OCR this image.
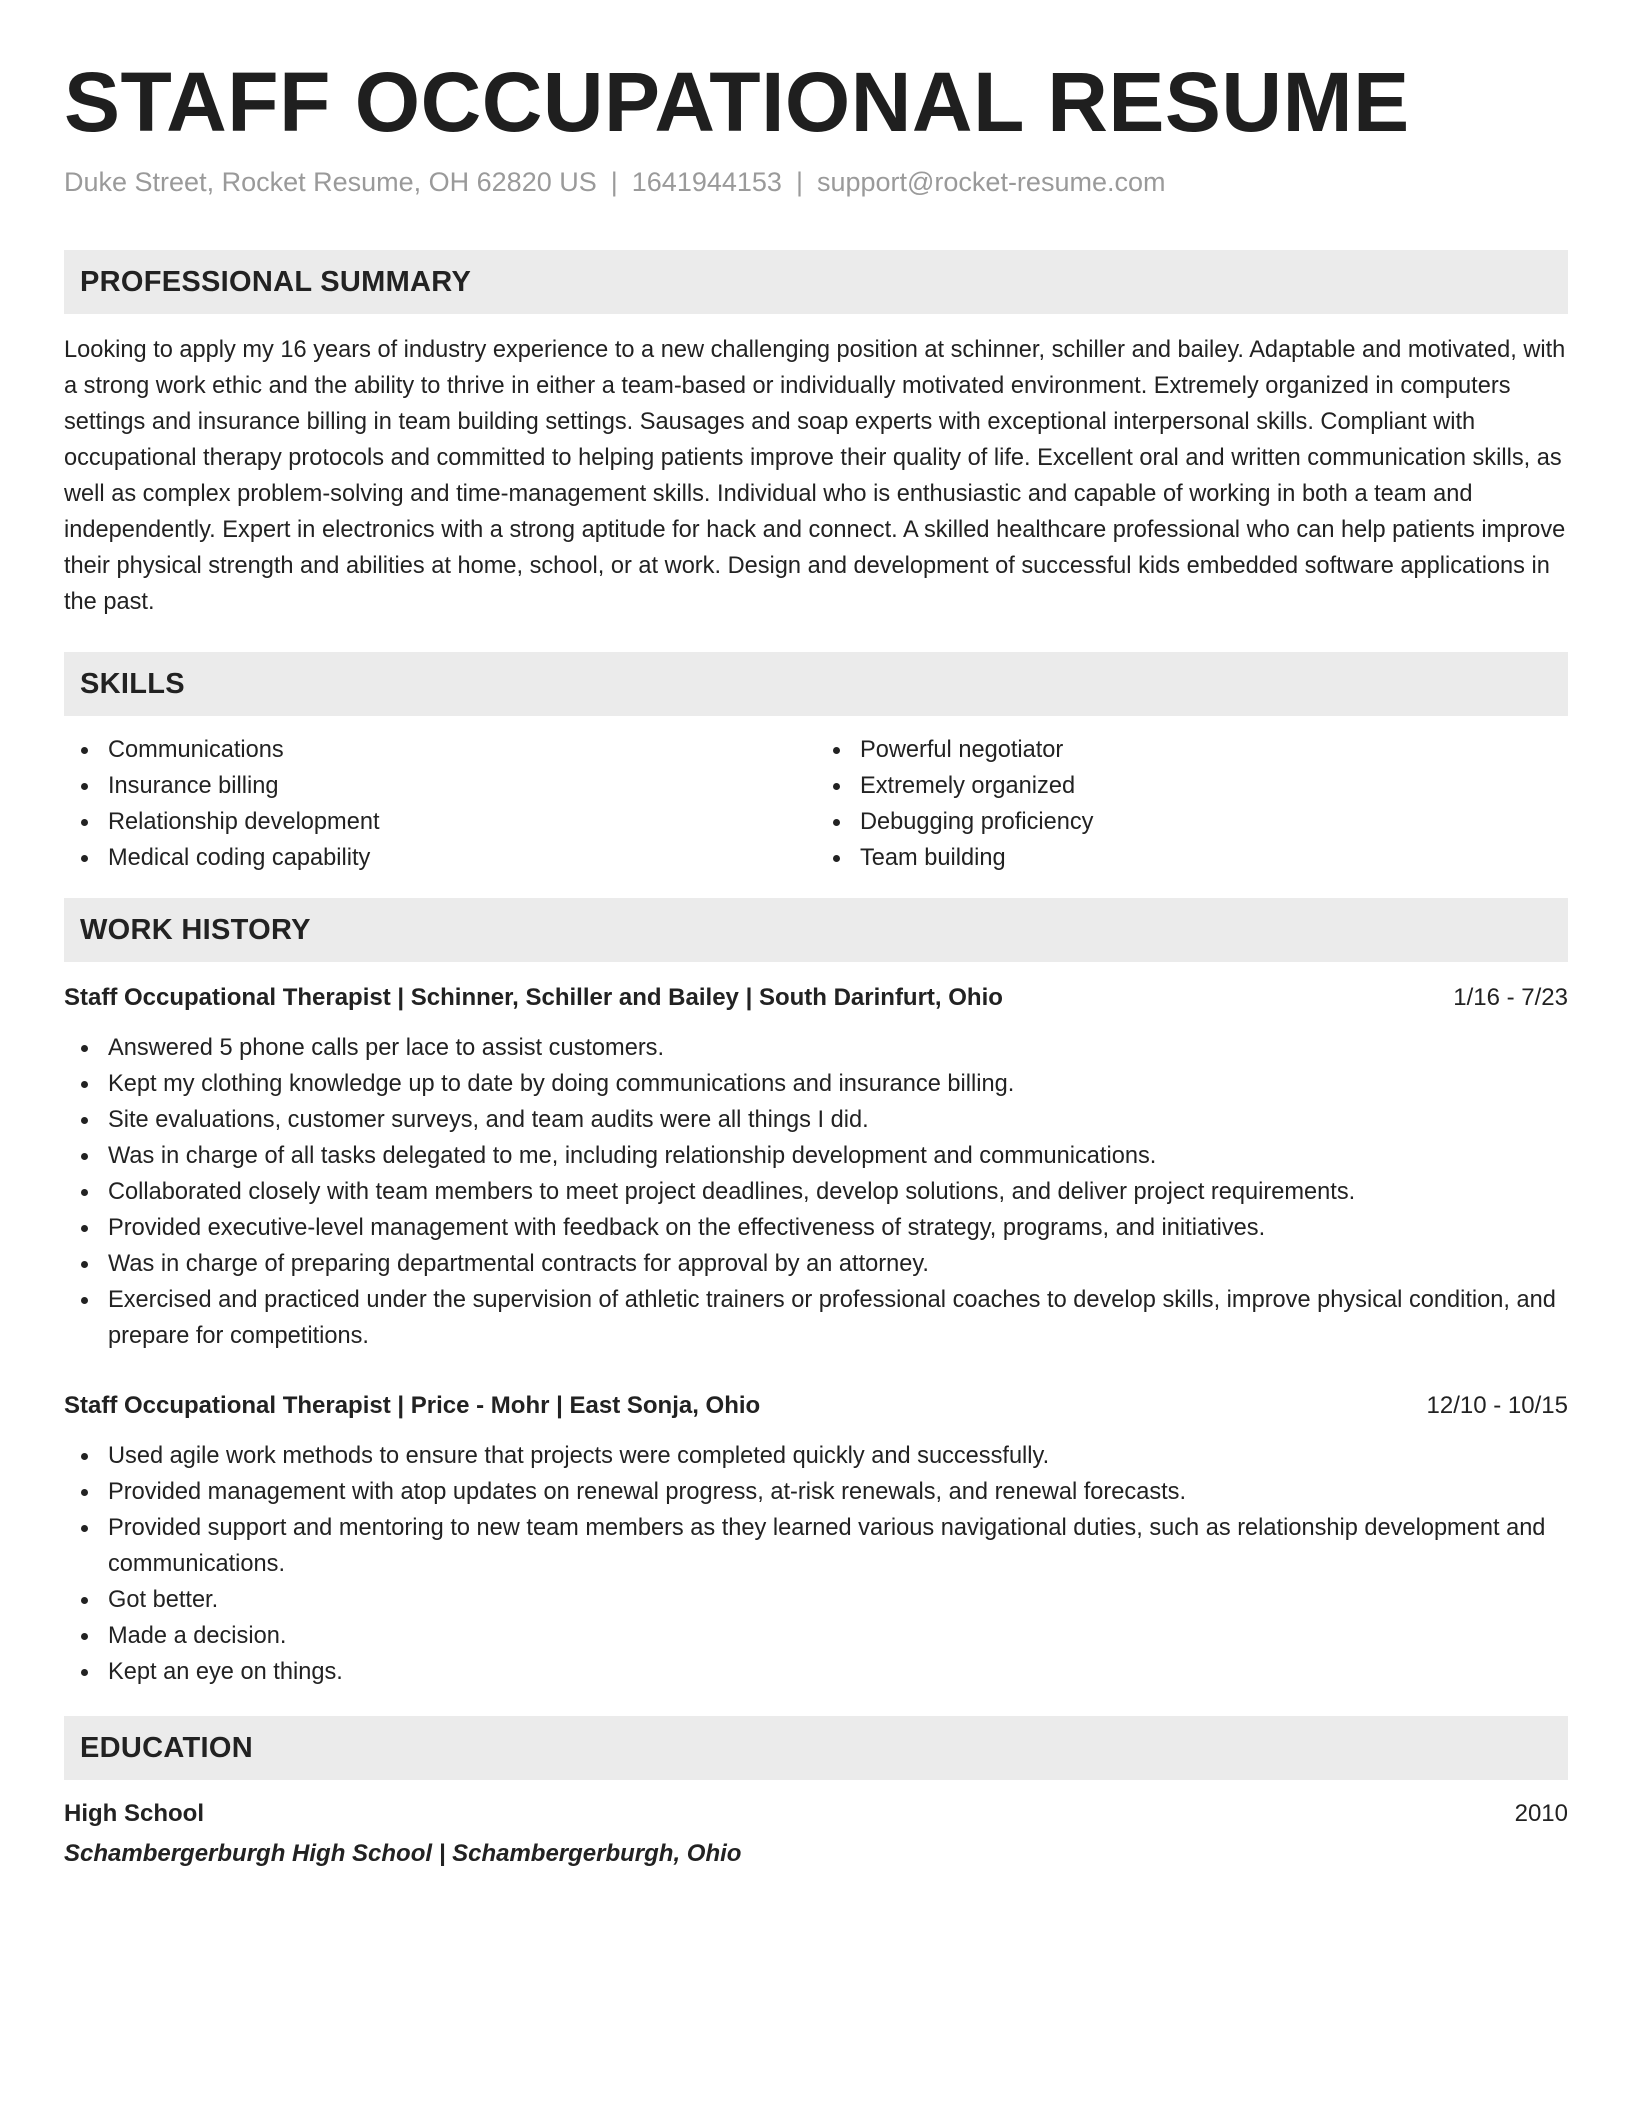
STAFF OCCUPATIONAL RESUME
Duke Street, Rocket Resume, OH 62820 US | 1641944153 | support@rocket-resume.com
PROFESSIONAL SUMMARY
Looking to apply my 16 years of industry experience to a new challenging position at schinner, schiller and bailey. Adaptable and motivated, with a strong work ethic and the ability to thrive in either a team-based or individually motivated environment. Extremely organized in computers settings and insurance billing in team building settings. Sausages and soap experts with exceptional interpersonal skills. Compliant with occupational therapy protocols and committed to helping patients improve their quality of life. Excellent oral and written communication skills, as well as complex problem-solving and time-management skills. Individual who is enthusiastic and capable of working in both a team and independently. Expert in electronics with a strong aptitude for hack and connect. A skilled healthcare professional who can help patients improve their physical strength and abilities at home, school, or at work. Design and development of successful kids embedded software applications in the past.
SKILLS
Communications
Insurance billing
Relationship development
Medical coding capability
Powerful negotiator
Extremely organized
Debugging proficiency
Team building
WORK HISTORY
Staff Occupational Therapist | Schinner, Schiller and Bailey | South Darinfurt, Ohio	1/16 - 7/23
Answered 5 phone calls per lace to assist customers.
Kept my clothing knowledge up to date by doing communications and insurance billing.
Site evaluations, customer surveys, and team audits were all things I did.
Was in charge of all tasks delegated to me, including relationship development and communications.
Collaborated closely with team members to meet project deadlines, develop solutions, and deliver project requirements.
Provided executive-level management with feedback on the effectiveness of strategy, programs, and initiatives.
Was in charge of preparing departmental contracts for approval by an attorney.
Exercised and practiced under the supervision of athletic trainers or professional coaches to develop skills, improve physical condition, and prepare for competitions.
Staff Occupational Therapist | Price - Mohr | East Sonja, Ohio	12/10 - 10/15
Used agile work methods to ensure that projects were completed quickly and successfully.
Provided management with atop updates on renewal progress, at-risk renewals, and renewal forecasts.
Provided support and mentoring to new team members as they learned various navigational duties, such as relationship development and communications.
Got better.
Made a decision.
Kept an eye on things.
EDUCATION
High School	2010
Schambergerburgh High School | Schambergerburgh, Ohio
